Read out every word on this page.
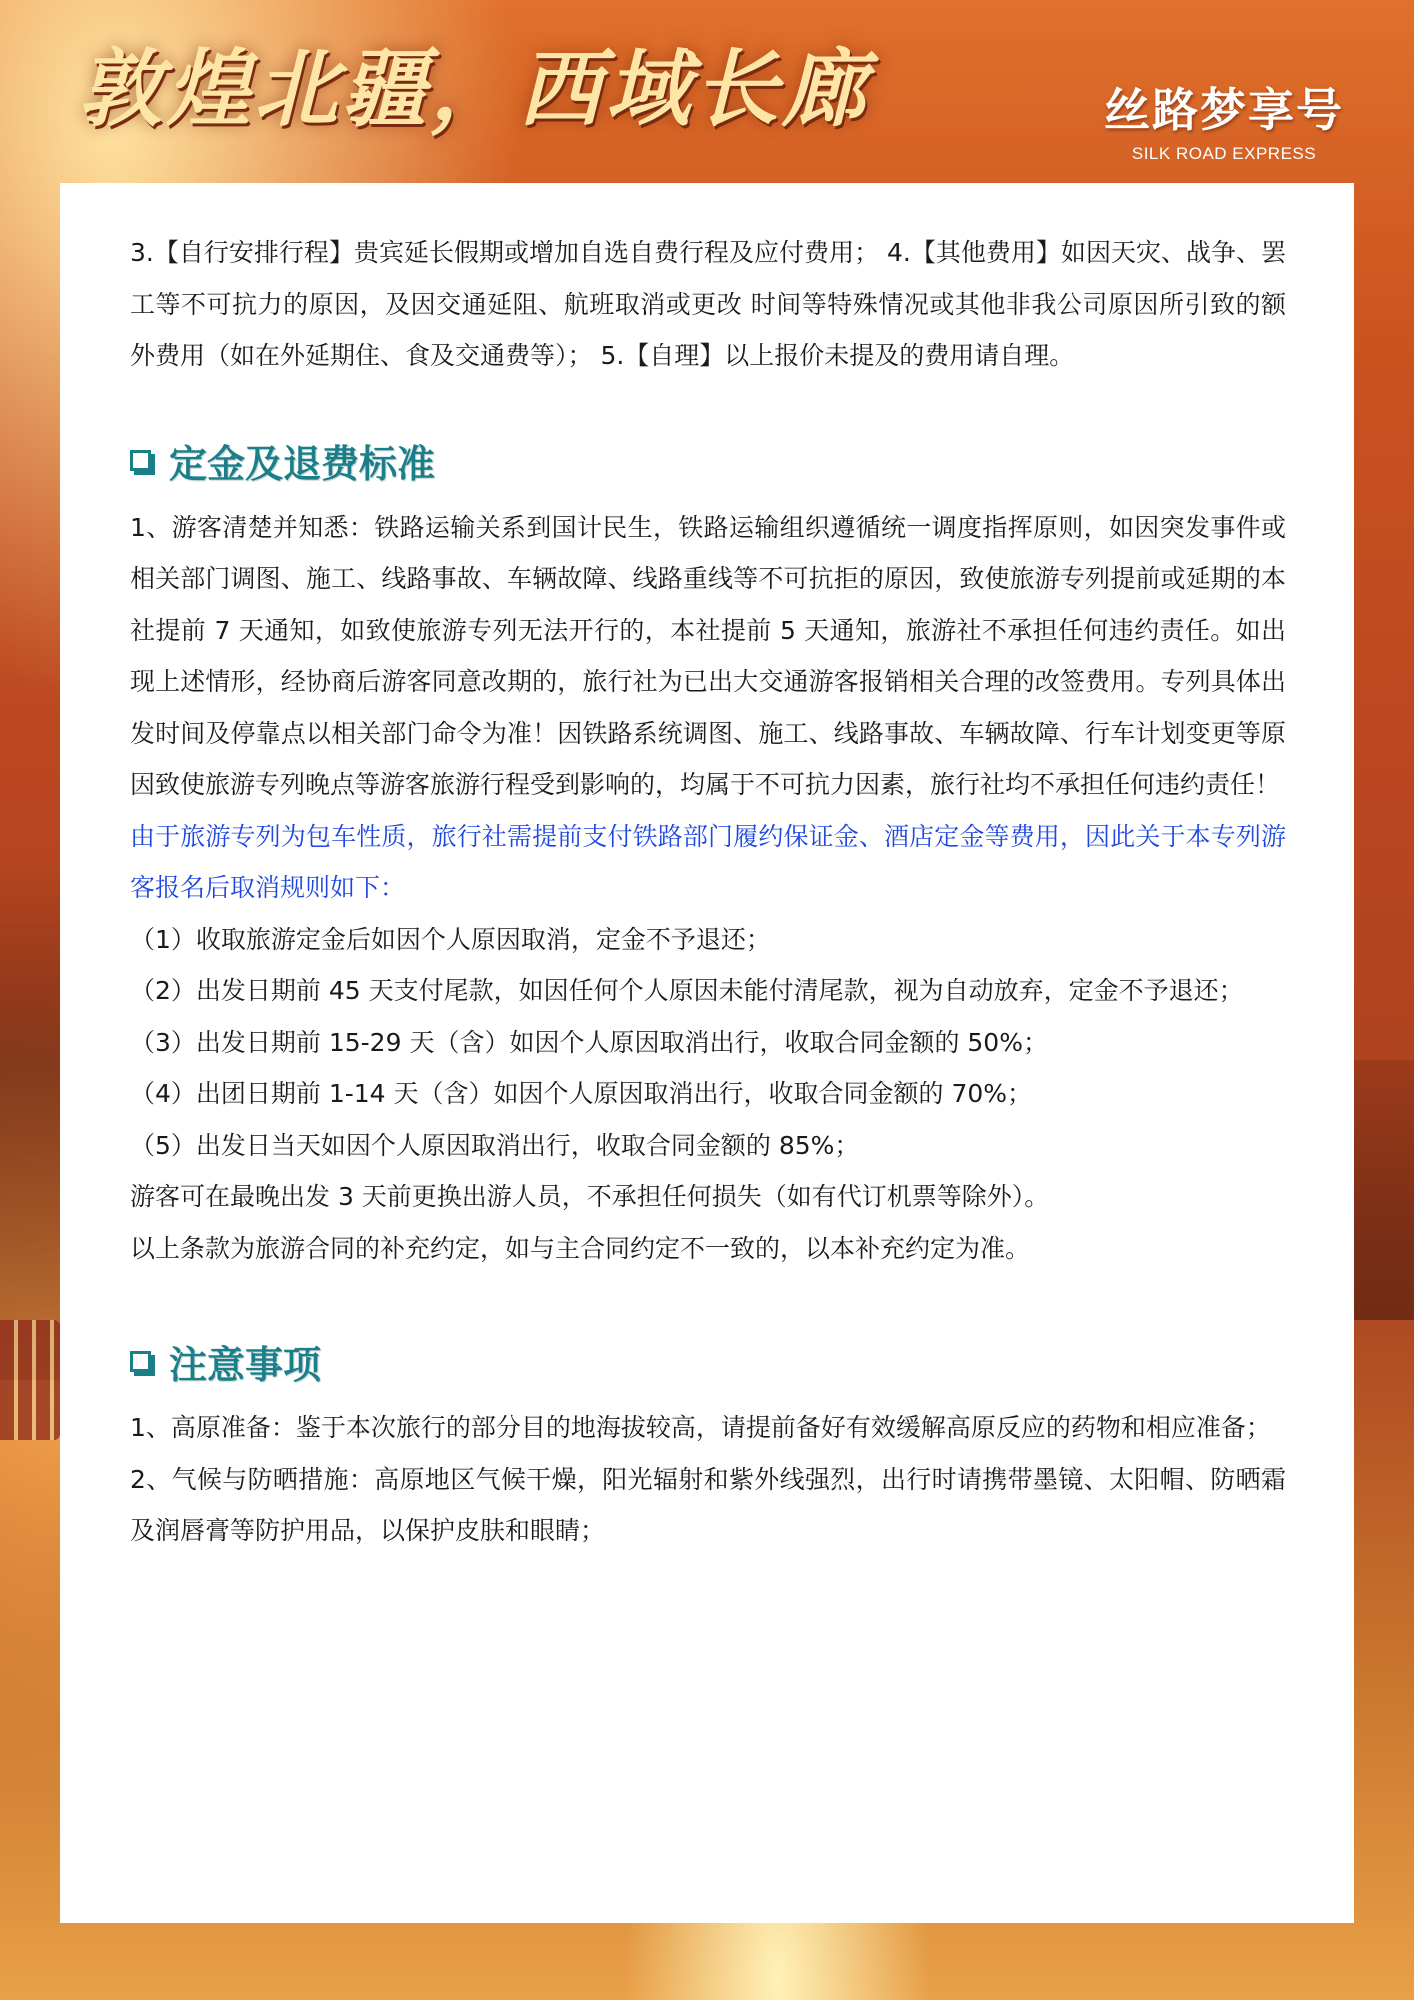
敦煌北疆，西域长廊	丝路梦享号
SILK ROAD EXPRESS

3.【自行安排行程】贵宾延长假期或增加自选自费行程及应付费用； 4.【其他费用】如因天灾、战争、罢工等不可抗力的原因，及因交通延阻、航班取消或更改 时间等特殊情况或其他非我公司原因所引致的额外费用（如在外延期住、食及交通费等）； 5.【自理】以上报价未提及的费用请自理。

定金及退费标准

1、游客清楚并知悉：铁路运输关系到国计民生，铁路运输组织遵循统一调度指挥原则，如因突发事件或相关部门调图、施工、线路事故、车辆故障、线路重线等不可抗拒的原因，致使旅游专列提前或延期的本社提前 7 天通知，如致使旅游专列无法开行的，本社提前 5 天通知，旅游社不承担任何违约责任。如出现上述情形，经协商后游客同意改期的，旅行社为已出大交通游客报销相关合理的改签费用。专列具体出发时间及停靠点以相关部门命令为准！因铁路系统调图、施工、线路事故、车辆故障、行车计划变更等原因致使旅游专列晚点等游客旅游行程受到影响的，均属于不可抗力因素，旅行社均不承担任何违约责任！

由于旅游专列为包车性质，旅行社需提前支付铁路部门履约保证金、酒店定金等费用，因此关于本专列游客报名后取消规则如下：

（1）收取旅游定金后如因个人原因取消，定金不予退还；

（2）出发日期前 45 天支付尾款，如因任何个人原因未能付清尾款，视为自动放弃，定金不予退还；

（3）出发日期前 15-29 天（含）如因个人原因取消出行，收取合同金额的 50%；

（4）出团日期前 1-14 天（含）如因个人原因取消出行，收取合同金额的 70%；

（5）出发日当天如因个人原因取消出行，收取合同金额的 85%；

游客可在最晚出发 3 天前更换出游人员，不承担任何损失（如有代订机票等除外）。

以上条款为旅游合同的补充约定，如与主合同约定不一致的，以本补充约定为准。

注意事项

1、高原准备：鉴于本次旅行的部分目的地海拔较高，请提前备好有效缓解高原反应的药物和相应准备；

2、气候与防晒措施：高原地区气候干燥，阳光辐射和紫外线强烈，出行时请携带墨镜、太阳帽、防晒霜及润唇膏等防护用品，以保护皮肤和眼睛；
